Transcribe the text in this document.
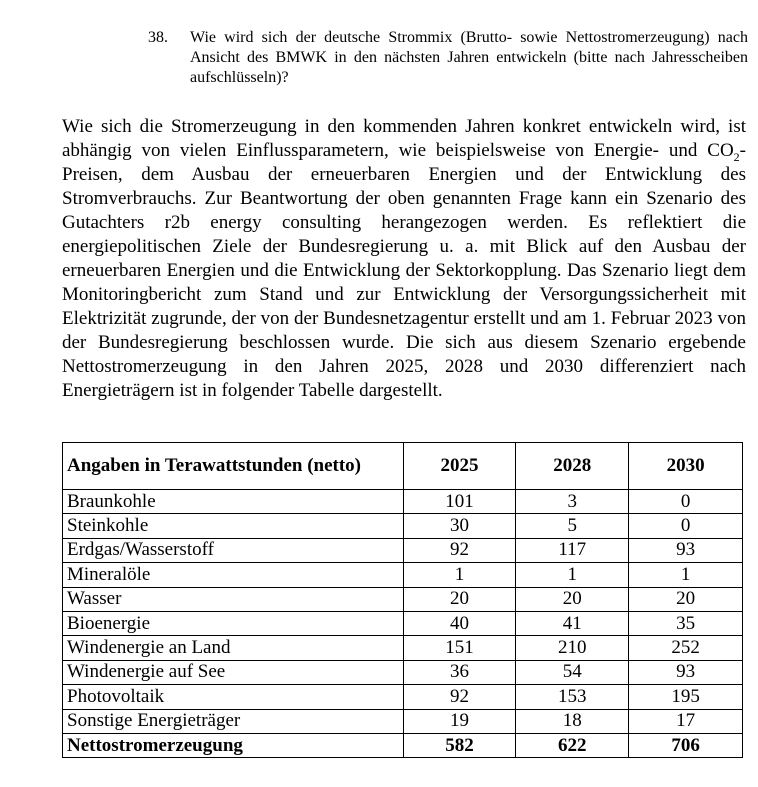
38. Wie wird sich der deutsche Strommix (Brutto- sowie Nettostromerzeugung) nach Ansicht des BMWK in den nächsten Jahren entwickeln (bitte nach Jahresscheiben aufschlüsseln)?
Wie sich die Stromerzeugung in den kommenden Jahren konkret entwickeln wird, ist abhängig von vielen Einflussparametern, wie beispielsweise von Energie- und $CO_2$-Preisen, dem Ausbau der erneuerbaren Energien und der Entwicklung des Stromverbrauchs. Zur Beantwortung der oben genannten Frage kann ein Szenario des Gutachters r2b energy consulting herangezogen werden. Es reflektiert die energiepolitischen Ziele der Bundesregierung u. a. mit Blick auf den Ausbau der erneuerbaren Energien und die Entwicklung der Sektorkopplung. Das Szenario liegt dem Monitoringbericht zum Stand und zur Entwicklung der Versorgungssicherheit mit Elektrizität zugrunde, der von der Bundesnetzagentur erstellt und am 1. Februar 2023 von der Bundesregierung beschlossen wurde. Die sich aus diesem Szenario ergebende Nettostromerzeugung in den Jahren 2025, 2028 und 2030 differenziert nach Energieträgern ist in folgender Tabelle dargestellt.
Angaben in Terawattstunden (netto)	2025	2028	2030
Braunkohle	101	3	0
Steinkohle	30	5	0
Erdgas/Wasserstoff	92	117	93
Mineralöle	1	1	1
Wasser	20	20	20
Bioenergie	40	41	35
Windenergie an Land	151	210	252
Windenergie auf See	36	54	93
Photovoltaik	92	153	195
Sonstige Energieträger	19	18	17
Nettostromerzeugung	582	622	706
